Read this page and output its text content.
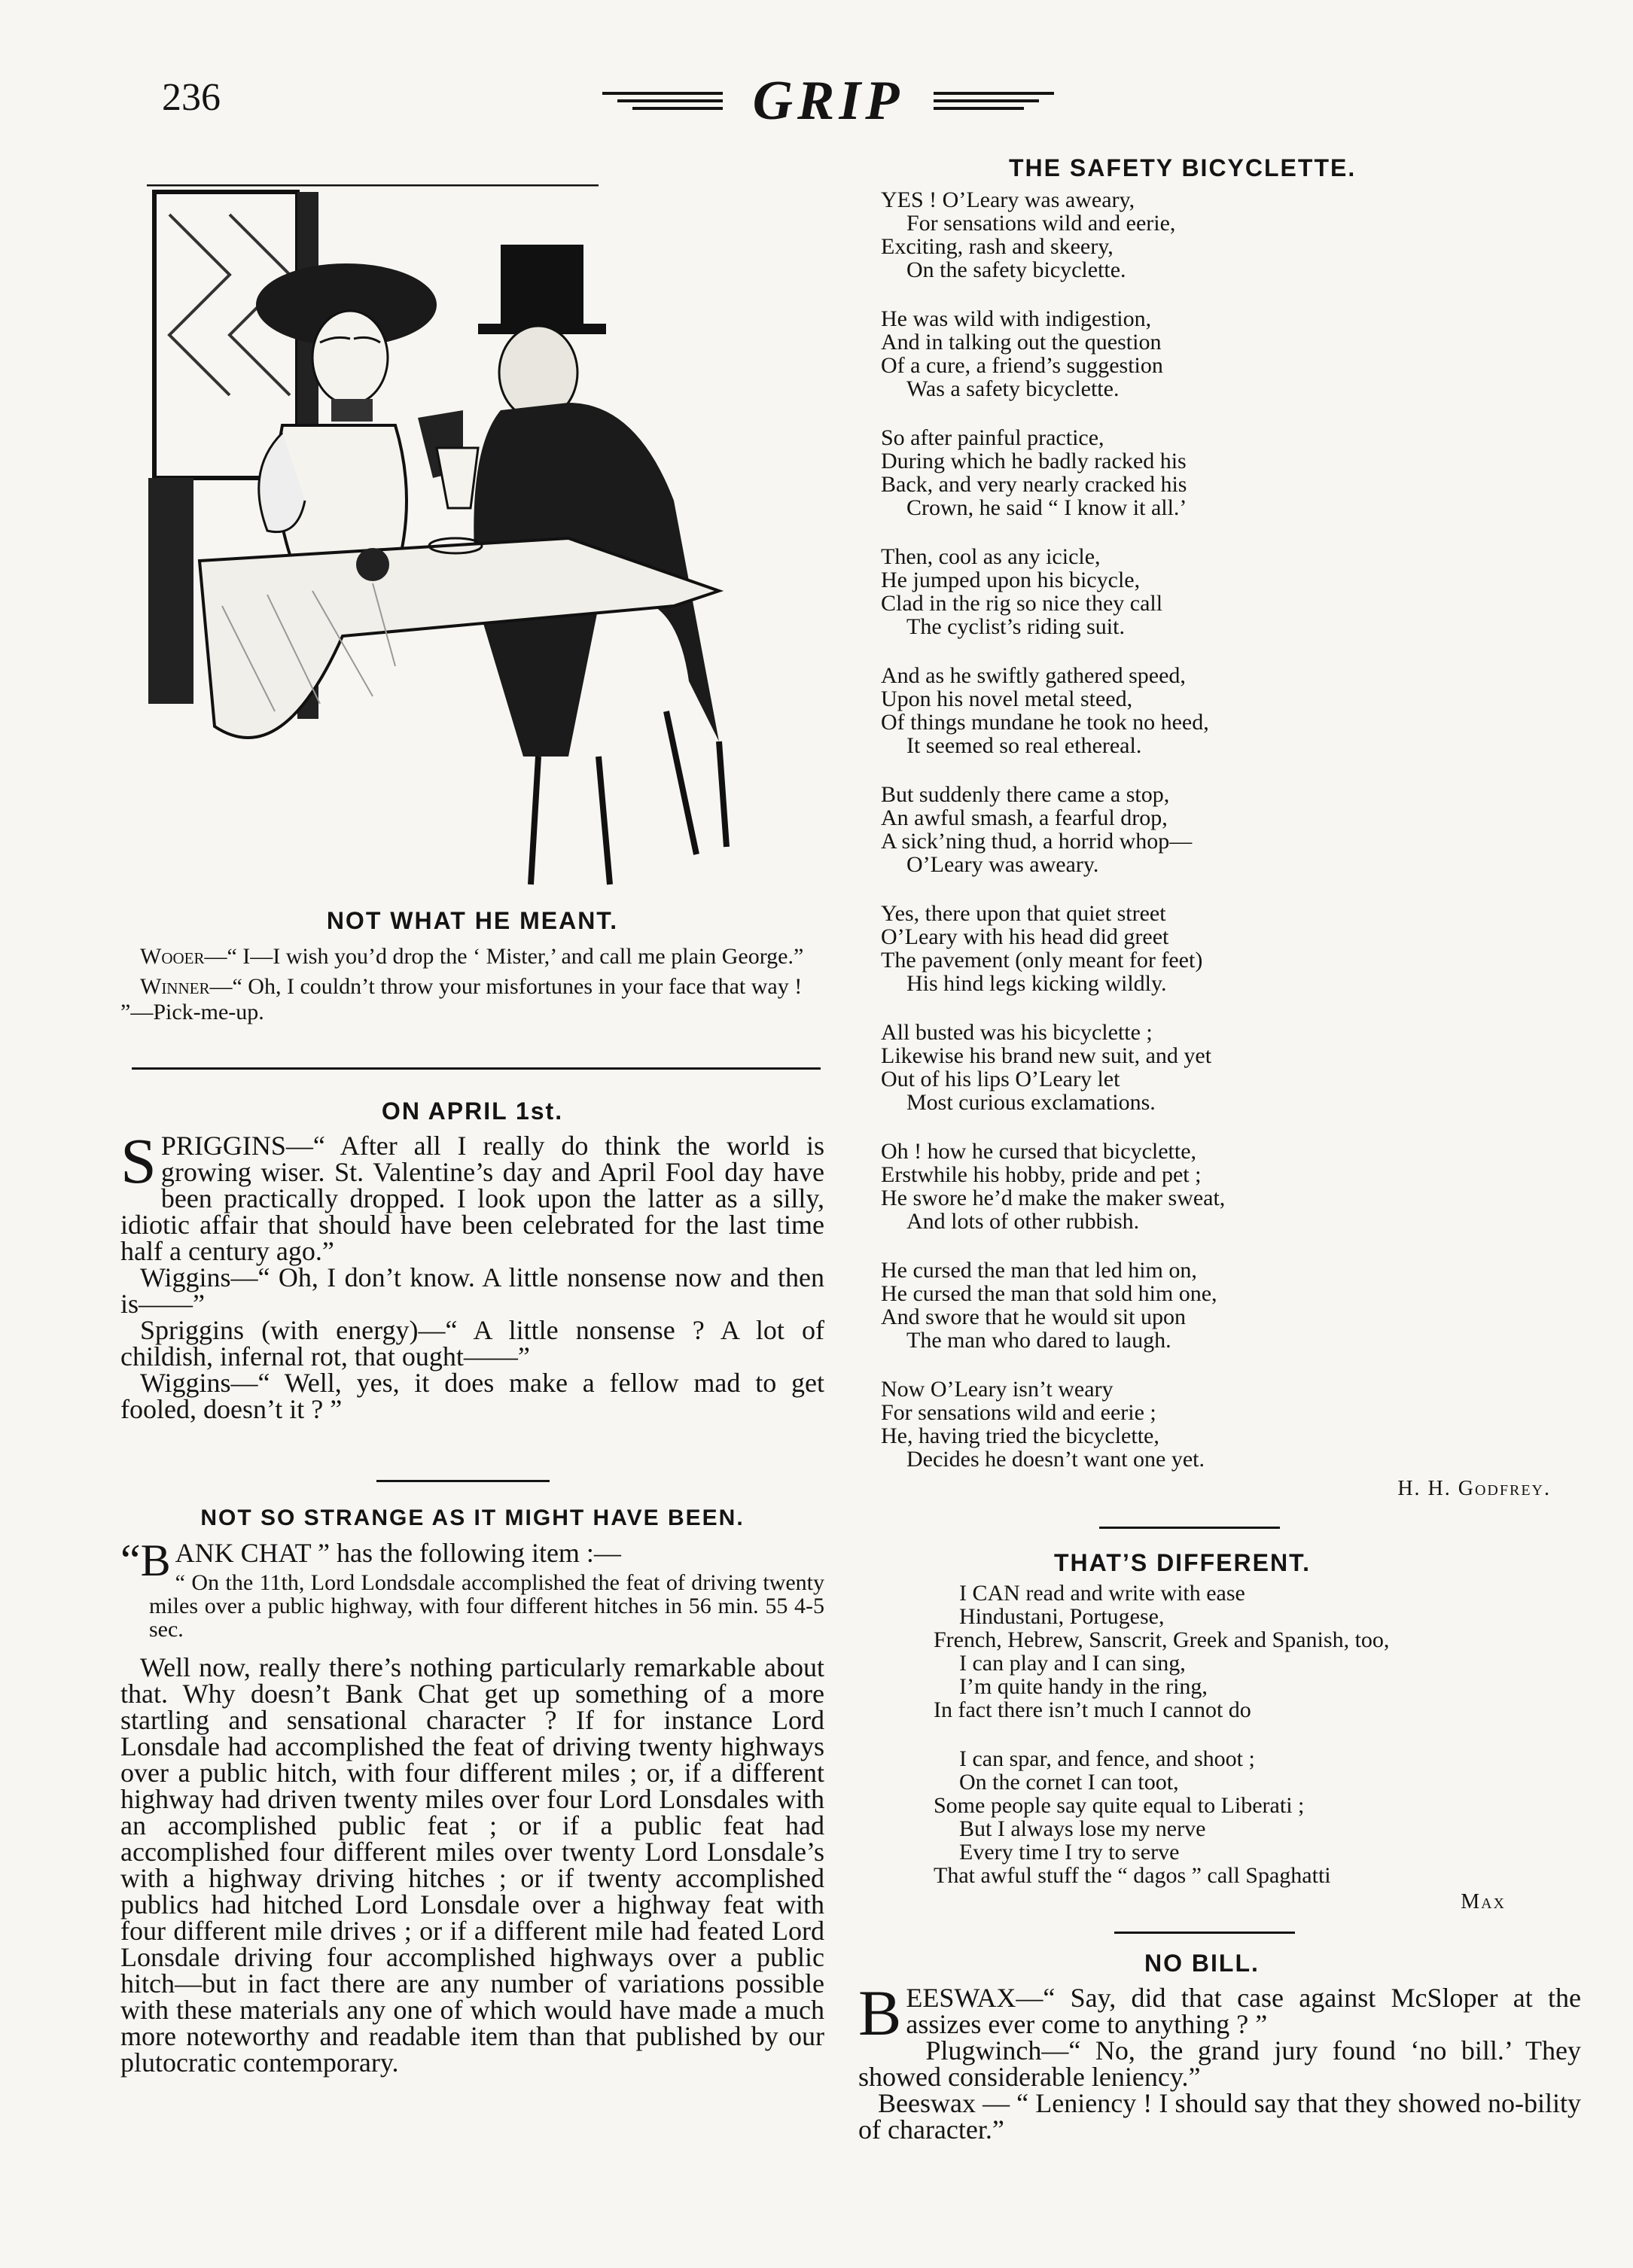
236	GRIP
NOT WHAT HE MEANT.

Wooer—“ I—I wish you’d drop the ‘ Mister,’ and call me plain George.”

Winner—“ Oh, I couldn’t throw your misfortunes in your face that way ! ”—Pick-me-up.

ON APRIL 1st.

SPRIGGINS—“ After all I really do think the world is growing wiser. St. Valentine’s day and April Fool day have been practically dropped. I look upon the latter as a silly, idiotic affair that should have been celebrated for the last time half a century ago.”

Wiggins—“ Oh, I don’t know. A little nonsense now and then is——”

Spriggins (with energy)—“ A little nonsense ? A lot of childish, infernal rot, that ought——”

Wiggins—“ Well, yes, it does make a fellow mad to get fooled, doesn’t it ? ”

NOT SO STRANGE AS IT MIGHT HAVE BEEN.

“BANK CHAT ” has the following item :—

“ On the 11th, Lord Londsdale accomplished the feat of driving twenty miles over a public highway, with four different hitches in 56 min. 55 4-5 sec.

Well now, really there’s nothing particularly remarkable about that. Why doesn’t Bank Chat get up something of a more startling and sensational character ? If for instance Lord Lonsdale had accomplished the feat of driving twenty highways over a public hitch, with four different miles ; or, if a different highway had driven twenty miles over four Lord Lonsdales with an accomplished public feat ; or if a public feat had accomplished four different miles over twenty Lord Lonsdale’s with a highway driving hitches ; or if twenty accomplished publics had hitched Lord Lonsdale over a highway feat with four different mile drives ; or if a different mile had feated Lord Lonsdale driving four accomplished highways over a public hitch—but in fact there are any number of variations possible with these materials any one of which would have made a much more noteworthy and readable item than that published by our plutocratic contemporary.

THE SAFETY BICYCLETTE.
YES ! O’Leary was aweary,
For sensations wild and eerie,
Exciting, rash and skeery,
On the safety bicyclette.
He was wild with indigestion,
And in talking out the question
Of a cure, a friend’s suggestion
Was a safety bicyclette.
So after painful practice,
During which he badly racked his
Back, and very nearly cracked his
Crown, he said “ I know it all.’
Then, cool as any icicle,
He jumped upon his bicycle,
Clad in the rig so nice they call
The cyclist’s riding suit.
And as he swiftly gathered speed,
Upon his novel metal steed,
Of things mundane he took no heed,
It seemed so real ethereal.
But suddenly there came a stop,
An awful smash, a fearful drop,
A sick’ning thud, a horrid whop—
O’Leary was aweary.
Yes, there upon that quiet street
O’Leary with his head did greet
The pavement (only meant for feet)
His hind legs kicking wildly.
All busted was his bicyclette ;
Likewise his brand new suit, and yet
Out of his lips O’Leary let
Most curious exclamations.
Oh ! how he cursed that bicyclette,
Erstwhile his hobby, pride and pet ;
He swore he’d make the maker sweat,
And lots of other rubbish.
He cursed the man that led him on,
He cursed the man that sold him one,
And swore that he would sit upon
The man who dared to laugh.
Now O’Leary isn’t weary
For sensations wild and eerie ;
He, having tried the bicyclette,
Decides he doesn’t want one yet.
H. H. Godfrey.
THAT’S DIFFERENT.
I CAN read and write with ease
Hindustani, Portugese,
French, Hebrew, Sanscrit, Greek and Spanish, too,
I can play and I can sing,
I’m quite handy in the ring,
In fact there isn’t much I cannot do
I can spar, and fence, and shoot ;
On the cornet I can toot,
Some people say quite equal to Liberati ;
But I always lose my nerve
Every time I try to serve
That awful stuff the “ dagos ” call Spaghatti
Max
NO BILL.

BEESWAX—“ Say, did that case against McSloper at the assizes ever come to anything ? ”

Plugwinch—“ No, the grand jury found ‘no bill.’ They showed considerable leniency.”

Beeswax — “ Leniency ! I should say that they showed no-bility of character.”
